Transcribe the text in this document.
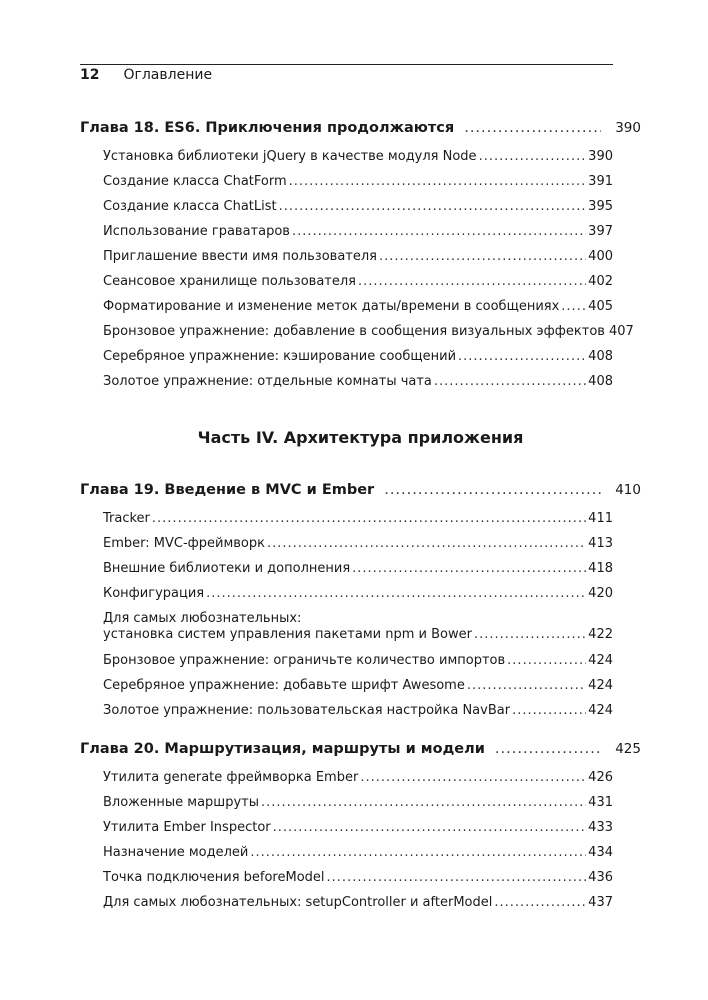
12 Оглавление
Глава 18. ES6. Приключения продолжаются .....	390
Установка библиотеки jQuery в качестве модуля Node .....	390
Создание класса ChatForm .....	391
Создание класса ChatList .....	395
Использование граватаров .....	397
Приглашение ввести имя пользователя .....	400
Сеансовое хранилище пользователя .....	402
Форматирование и изменение меток даты/времени в сообщениях ..... 405
Бронзовое упражнение: добавление в сообщения визуальных эффектов 407
Серебряное упражнение: кэширование сообщений .....	408
Золотое упражнение: отдельные комнаты чата .....	408
Часть IV. Архитектура приложения
Глава 19. Введение в MVC и Ember .....	410
Tracker .....	411
Ember: MVC-фреймворк .....	413
Внешние библиотеки и дополнения .....	418
Конфигурация .....	420
Для самых любознательных:
установка систем управления пакетами npm и Bower .....	422
Бронзовое упражнение: ограничьте количество импортов .....	424
Серебряное упражнение: добавьте шрифт Awesome .....	424
Золотое упражнение: пользовательская настройка NavBar .....	424
Глава 20. Маршрутизация, маршруты и модели .....	425
Утилита generate фреймворка Ember .....	426
Вложенные маршруты .....	431
Утилита Ember Inspector .....	433
Назначение моделей .....	434
Точка подключения beforeModel .....	436
Для самых любознательных: setupController и afterModel .....	437
